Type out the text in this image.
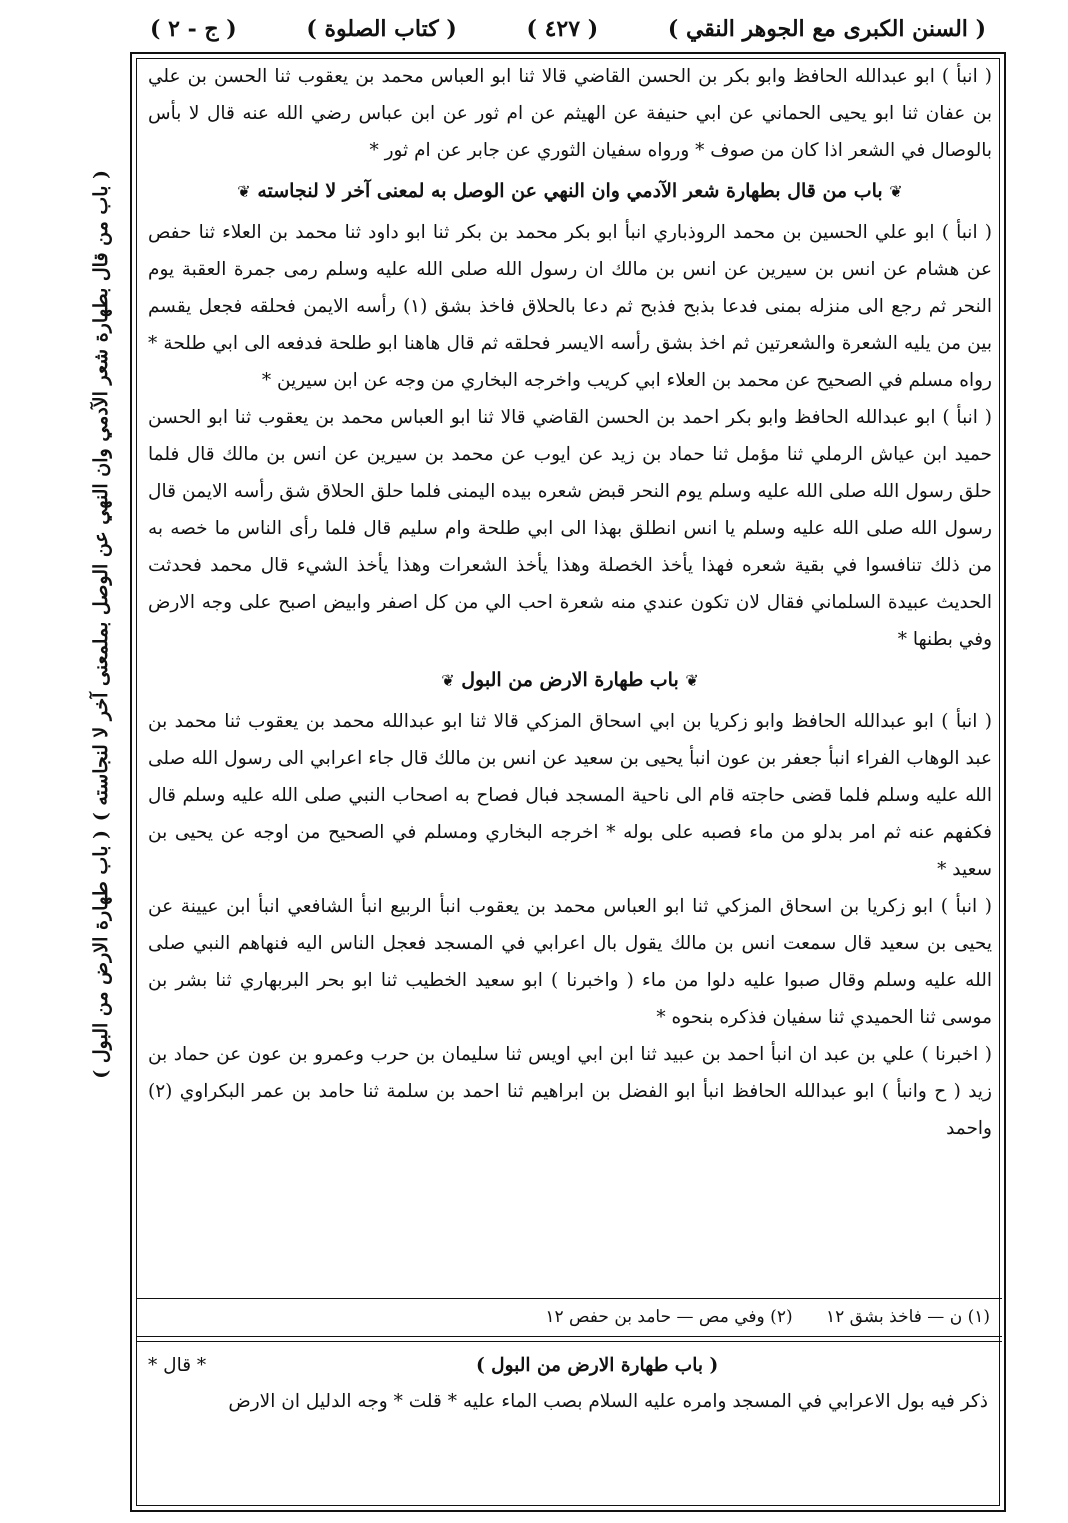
( السنن الكبرى مع الجوهر النقي )
( ٤٢٧ )
( كتاب الصلوة )
( ج - ٢ )
( باب من قال بطهارة شعر الآدمي وان النهي عن الوصل بملمعنى آخر لا لنجاسته )
( باب طهارة الارض من البول )

( انبأ ) ابو عبدالله الحافظ وابو بكر بن الحسن القاضي قالا ثنا ابو العباس محمد بن يعقوب ثنا الحسن بن علي بن عفان ثنا ابو يحيى الحماني عن ابي حنيفة عن الهيثم عن ام ثور عن ابن عباس رضي الله عنه قال لا بأس بالوصال في الشعر اذا كان من صوف * ورواه سفيان الثوري عن جابر عن ام ثور *

❦ باب من قال بطهارة شعر الآدمي وان النهي عن الوصل به لمعنى آخر لا لنجاسته ❦

( انبأ ) ابو علي الحسين بن محمد الروذباري انبأ ابو بكر محمد بن بكر ثنا ابو داود ثنا محمد بن العلاء ثنا حفص عن هشام عن انس بن سيرين عن انس بن مالك ان رسول الله صلى الله عليه وسلم رمى جمرة العقبة يوم النحر ثم رجع الى منزله بمنى فدعا بذبح فذبح ثم دعا بالحلاق فاخذ بشق (١) رأسه الايمن فحلقه فجعل يقسم بين من يليه الشعرة والشعرتين ثم اخذ بشق رأسه الايسر فحلقه ثم قال هاهنا ابو طلحة فدفعه الى ابي طلحة * رواه مسلم في الصحيح عن محمد بن العلاء ابي كريب واخرجه البخاري من وجه عن ابن سيرين *

( انبأ ) ابو عبدالله الحافظ وابو بكر احمد بن الحسن القاضي قالا ثنا ابو العباس محمد بن يعقوب ثنا ابو الحسن حميد ابن عياش الرملي ثنا مؤمل ثنا حماد بن زيد عن ايوب عن محمد بن سيرين عن انس بن مالك قال فلما حلق رسول الله صلى الله عليه وسلم يوم النحر قبض شعره بيده اليمنى فلما حلق الحلاق شق رأسه الايمن قال رسول الله صلى الله عليه وسلم يا انس انطلق بهذا الى ابي طلحة وام سليم قال فلما رأى الناس ما خصه به من ذلك تنافسوا في بقية شعره فهذا يأخذ الخصلة وهذا يأخذ الشعرات وهذا يأخذ الشيء قال محمد فحدثت الحديث عبيدة السلماني فقال لان تكون عندي منه شعرة احب الي من كل اصفر وابيض اصبح على وجه الارض وفي بطنها *

❦ باب طهارة الارض من البول ❦

( انبأ ) ابو عبدالله الحافظ وابو زكريا بن ابي اسحاق المزكي قالا ثنا ابو عبدالله محمد بن يعقوب ثنا محمد بن عبد الوهاب الفراء انبأ جعفر بن عون انبأ يحيى بن سعيد عن انس بن مالك قال جاء اعرابي الى رسول الله صلى الله عليه وسلم فلما قضى حاجته قام الى ناحية المسجد فبال فصاح به اصحاب النبي صلى الله عليه وسلم قال فكفهم عنه ثم امر بدلو من ماء فصبه على بوله * اخرجه البخاري ومسلم في الصحيح من اوجه عن يحيى بن سعيد *

( انبأ ) ابو زكريا بن اسحاق المزكي ثنا ابو العباس محمد بن يعقوب انبأ الربيع انبأ الشافعي انبأ ابن عيينة عن يحيى بن سعيد قال سمعت انس بن مالك يقول بال اعرابي في المسجد فعجل الناس اليه فنهاهم النبي صلى الله عليه وسلم وقال صبوا عليه دلوا من ماء ( واخبرنا ) ابو سعيد الخطيب ثنا ابو بحر البربهاري ثنا بشر بن موسى ثنا الحميدي ثنا سفيان فذكره بنحوه *

( اخبرنا ) علي بن عبد ان انبأ احمد بن عبيد ثنا ابن ابي اويس ثنا سليمان بن حرب وعمرو بن عون عن حماد بن زيد ( ح وانبأ ) ابو عبدالله الحافظ انبأ ابو الفضل بن ابراهيم ثنا احمد بن سلمة ثنا حامد بن عمر البكراوي (٢) واحمد

(١) ن — فاخذ بشق ١٢ (٢) وفي مص — حامد بن حفص ١٢
( باب طهارة الارض من البول )
* قال *

ذكر فيه بول الاعرابي في المسجد وامره عليه السلام بصب الماء عليه * قلت * وجه الدليل ان الارض
